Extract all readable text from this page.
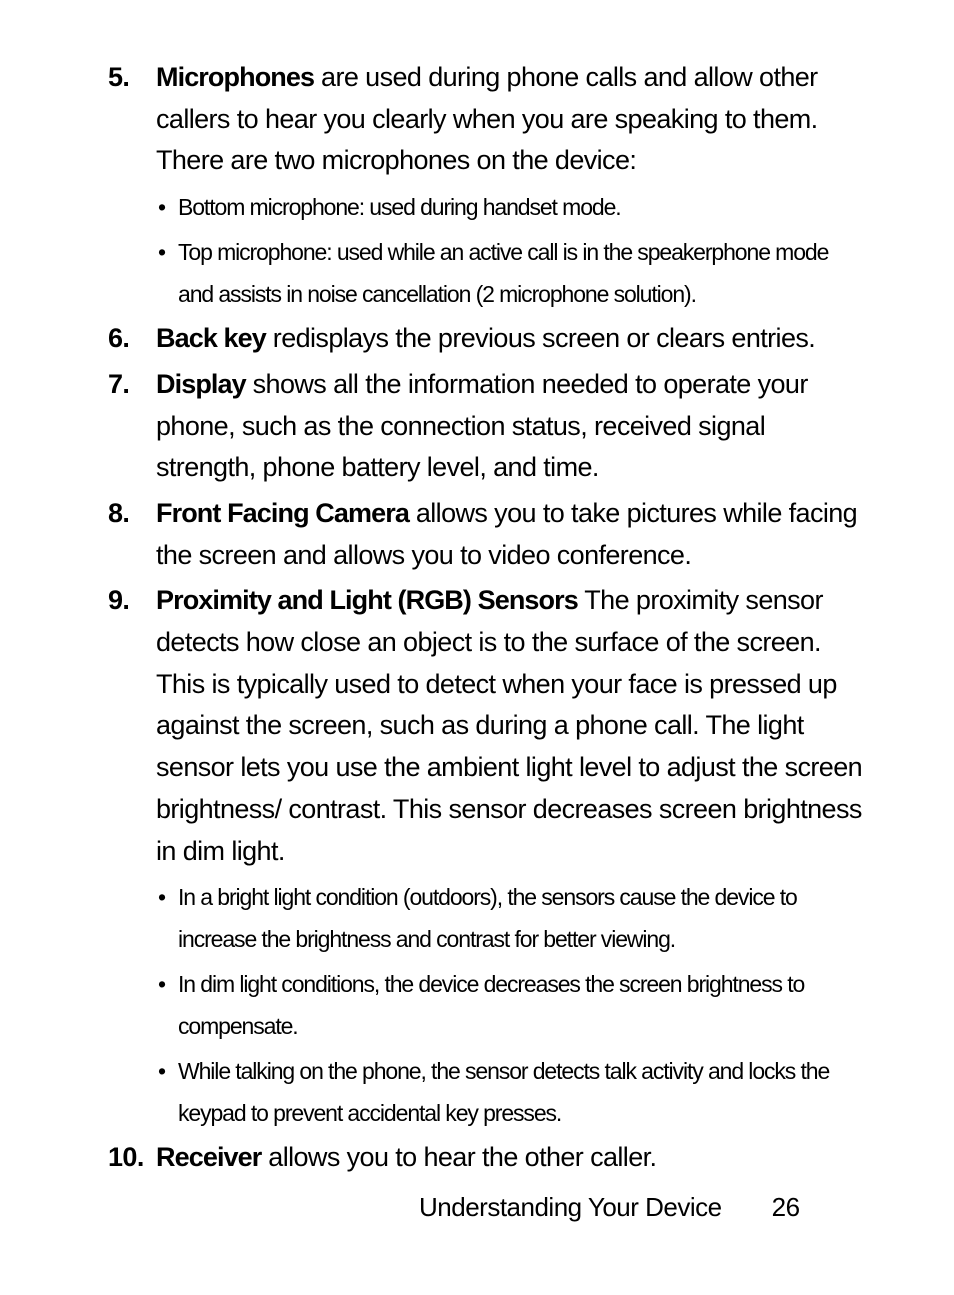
5. Microphones are used during phone calls and allow other callers to hear you clearly when you are speaking to them. There are two microphones on the device:
• Bottom microphone: used during handset mode.
• Top microphone: used while an active call is in the speakerphone mode and assists in noise cancellation (2 microphone solution).
6. Back key redisplays the previous screen or clears entries.
7. Display shows all the information needed to operate your phone, such as the connection status, received signal strength, phone battery level, and time.
8. Front Facing Camera allows you to take pictures while facing the screen and allows you to video conference.
9. Proximity and Light (RGB) Sensors The proximity sensor detects how close an object is to the surface of the screen. This is typically used to detect when your face is pressed up against the screen, such as during a phone call. The light sensor lets you use the ambient light level to adjust the screen brightness/ contrast. This sensor decreases screen brightness in dim light.
• In a bright light condition (outdoors), the sensors cause the device to increase the brightness and contrast for better viewing.
• In dim light conditions, the device decreases the screen brightness to compensate.
• While talking on the phone, the sensor detects talk activity and locks the keypad to prevent accidental key presses.
10. Receiver allows you to hear the other caller.
Understanding Your Device 26
